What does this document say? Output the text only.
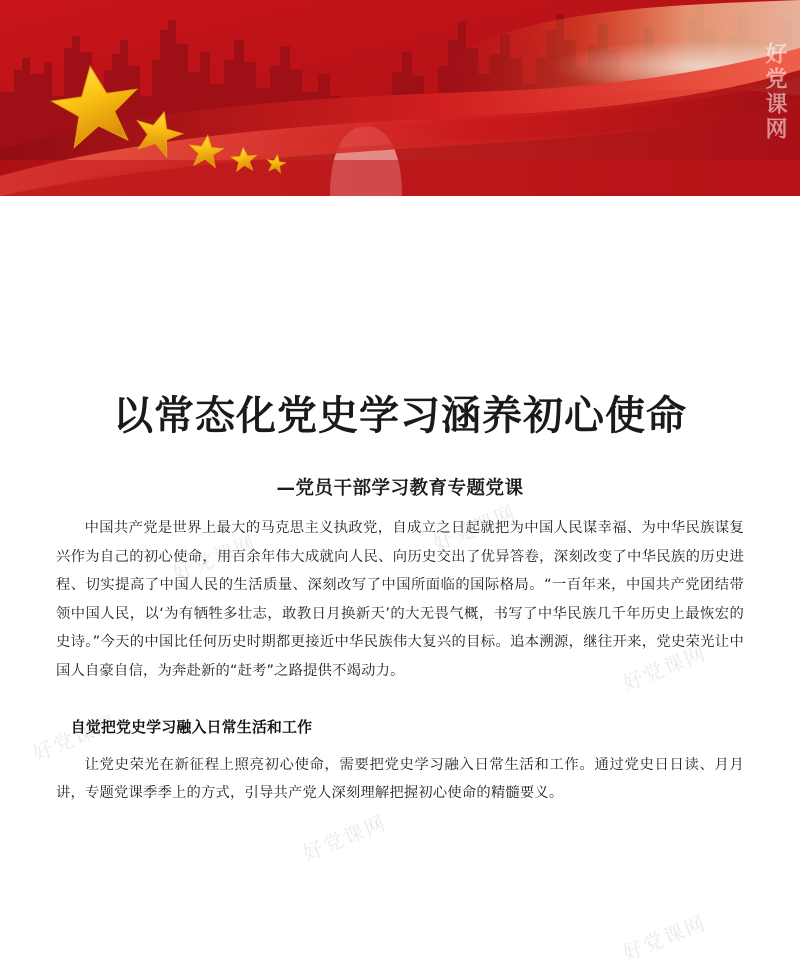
好党课网
好党课网
好党课网
好党课网
好党课网
好党课网
好党课网
以常态化党史学习涵养初心使命
—党员干部学习教育专题党课

中国共产党是世界上最大的马克思主义执政党，自成立之日起就把为中国人民谋幸福、为中华民族谋复兴作为自己的初心使命，用百余年伟大成就向人民、向历史交出了优异答卷，深刻改变了中华民族的历史进程、切实提高了中国人民的生活质量、深刻改写了中国所面临的国际格局。“一百年来，中国共产党团结带领中国人民，以‘为有牺牲多壮志，敢教日月换新天’的大无畏气概，书写了中华民族几千年历史上最恢宏的史诗。”今天的中国比任何历史时期都更接近中华民族伟大复兴的目标。追本溯源，继往开来，党史荣光让中国人自豪自信，为奔赴新的“赶考”之路提供不竭动力。

自觉把党史学习融入日常生活和工作

让党史荣光在新征程上照亮初心使命，需要把党史学习融入日常生活和工作。通过党史日日读、月月讲，专题党课季季上的方式，引导共产党人深刻理解把握初心使命的精髓要义。
